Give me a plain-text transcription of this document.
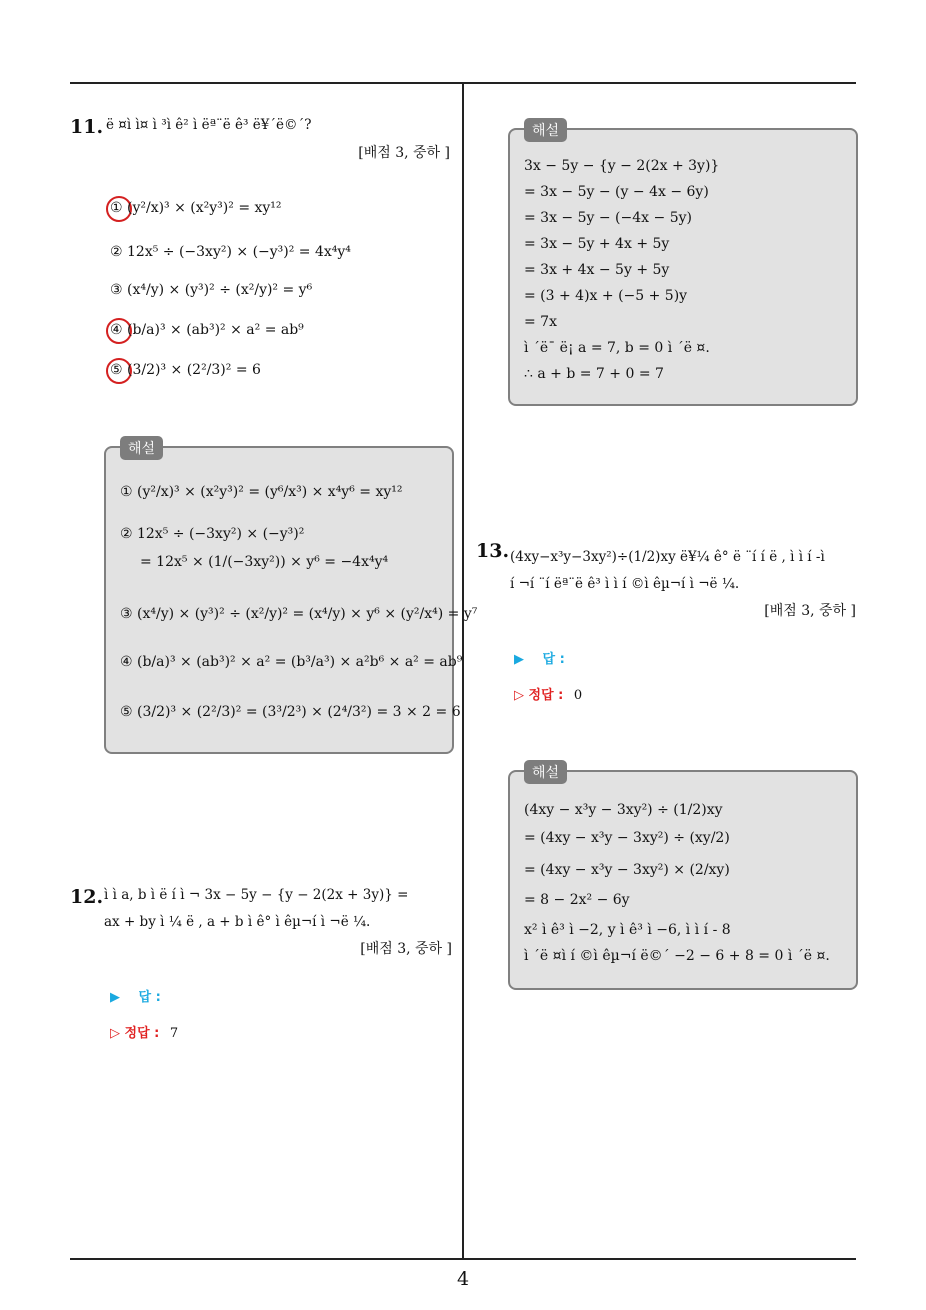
11. ë ¤ì ì¤ ì ³ì ê² ì ëª¨ë ê³ ë¥´ë©´?
[배점 3, 중하 ]
① (y²/x)³ × (x²y³)² = xy¹²
② 12x⁵ ÷ (−3xy²) × (−y³)² = 4x⁴y⁴
③ (x⁴/y) × (y³)² ÷ (x²/y)² = y⁶
④ (b/a)³ × (ab³)² × a² = ab⁹
⑤ (3/2)³ × (2²/3)² = 6
해설
① (y²/x)³ × (x²y³)² = (y⁶/x³) × x⁴y⁶ = xy¹²
② 12x⁵ ÷ (−3xy²) × (−y³)²
= 12x⁵ × (1/(−3xy²)) × y⁶ = −4x⁴y⁴
③ (x⁴/y) × (y³)² ÷ (x²/y)² = (x⁴/y) × y⁶ × (y²/x⁴) = y⁷
④ (b/a)³ × (ab³)² × a² = (b³/a³) × a²b⁶ × a² = ab⁹
⑤ (3/2)³ × (2²/3)² = (3³/2³) × (2⁴/3²) = 3 × 2 = 6
12. ì ì a, b ì ë í ì ¬ 3x − 5y − {y − 2(2x + 3y)} =
ax + by ì ¼ ë , a + b ì ê° ì êµ¬í ì ¬ë ¼.
[배점 3, 중하 ]
▶ 답 :
▷ 정답 : 7
해설
3x − 5y − {y − 2(2x + 3y)}
= 3x − 5y − (y − 4x − 6y)
= 3x − 5y − (−4x − 5y)
= 3x − 5y + 4x + 5y
= 3x + 4x − 5y + 5y
= (3 + 4)x + (−5 + 5)y
= 7x
ì ´ë¯ ë¡ a = 7, b = 0 ì ´ë ¤.
∴ a + b = 7 + 0 = 7
13. (4xy−x³y−3xy²)÷(1/2)xy ë¥¼ ê° ë ¨í í ë , ì ì í -ì
í ¬í ¨í ëª¨ë ê³ ì ì í ©ì êµ¬í ì ¬ë ¼.
[배점 3, 중하 ]
▶ 답 :
▷ 정답 : 0
해설
(4xy − x³y − 3xy²) ÷ (1/2)xy
= (4xy − x³y − 3xy²) ÷ (xy/2)
= (4xy − x³y − 3xy²) × (2/xy)
= 8 − 2x² − 6y
x² ì ê³ ì −2, y ì ê³ ì −6, ì ì í - 8
ì ´ë ¤ì í ©ì êµ¬í ë©´ −2 − 6 + 8 = 0 ì ´ë ¤.
4
